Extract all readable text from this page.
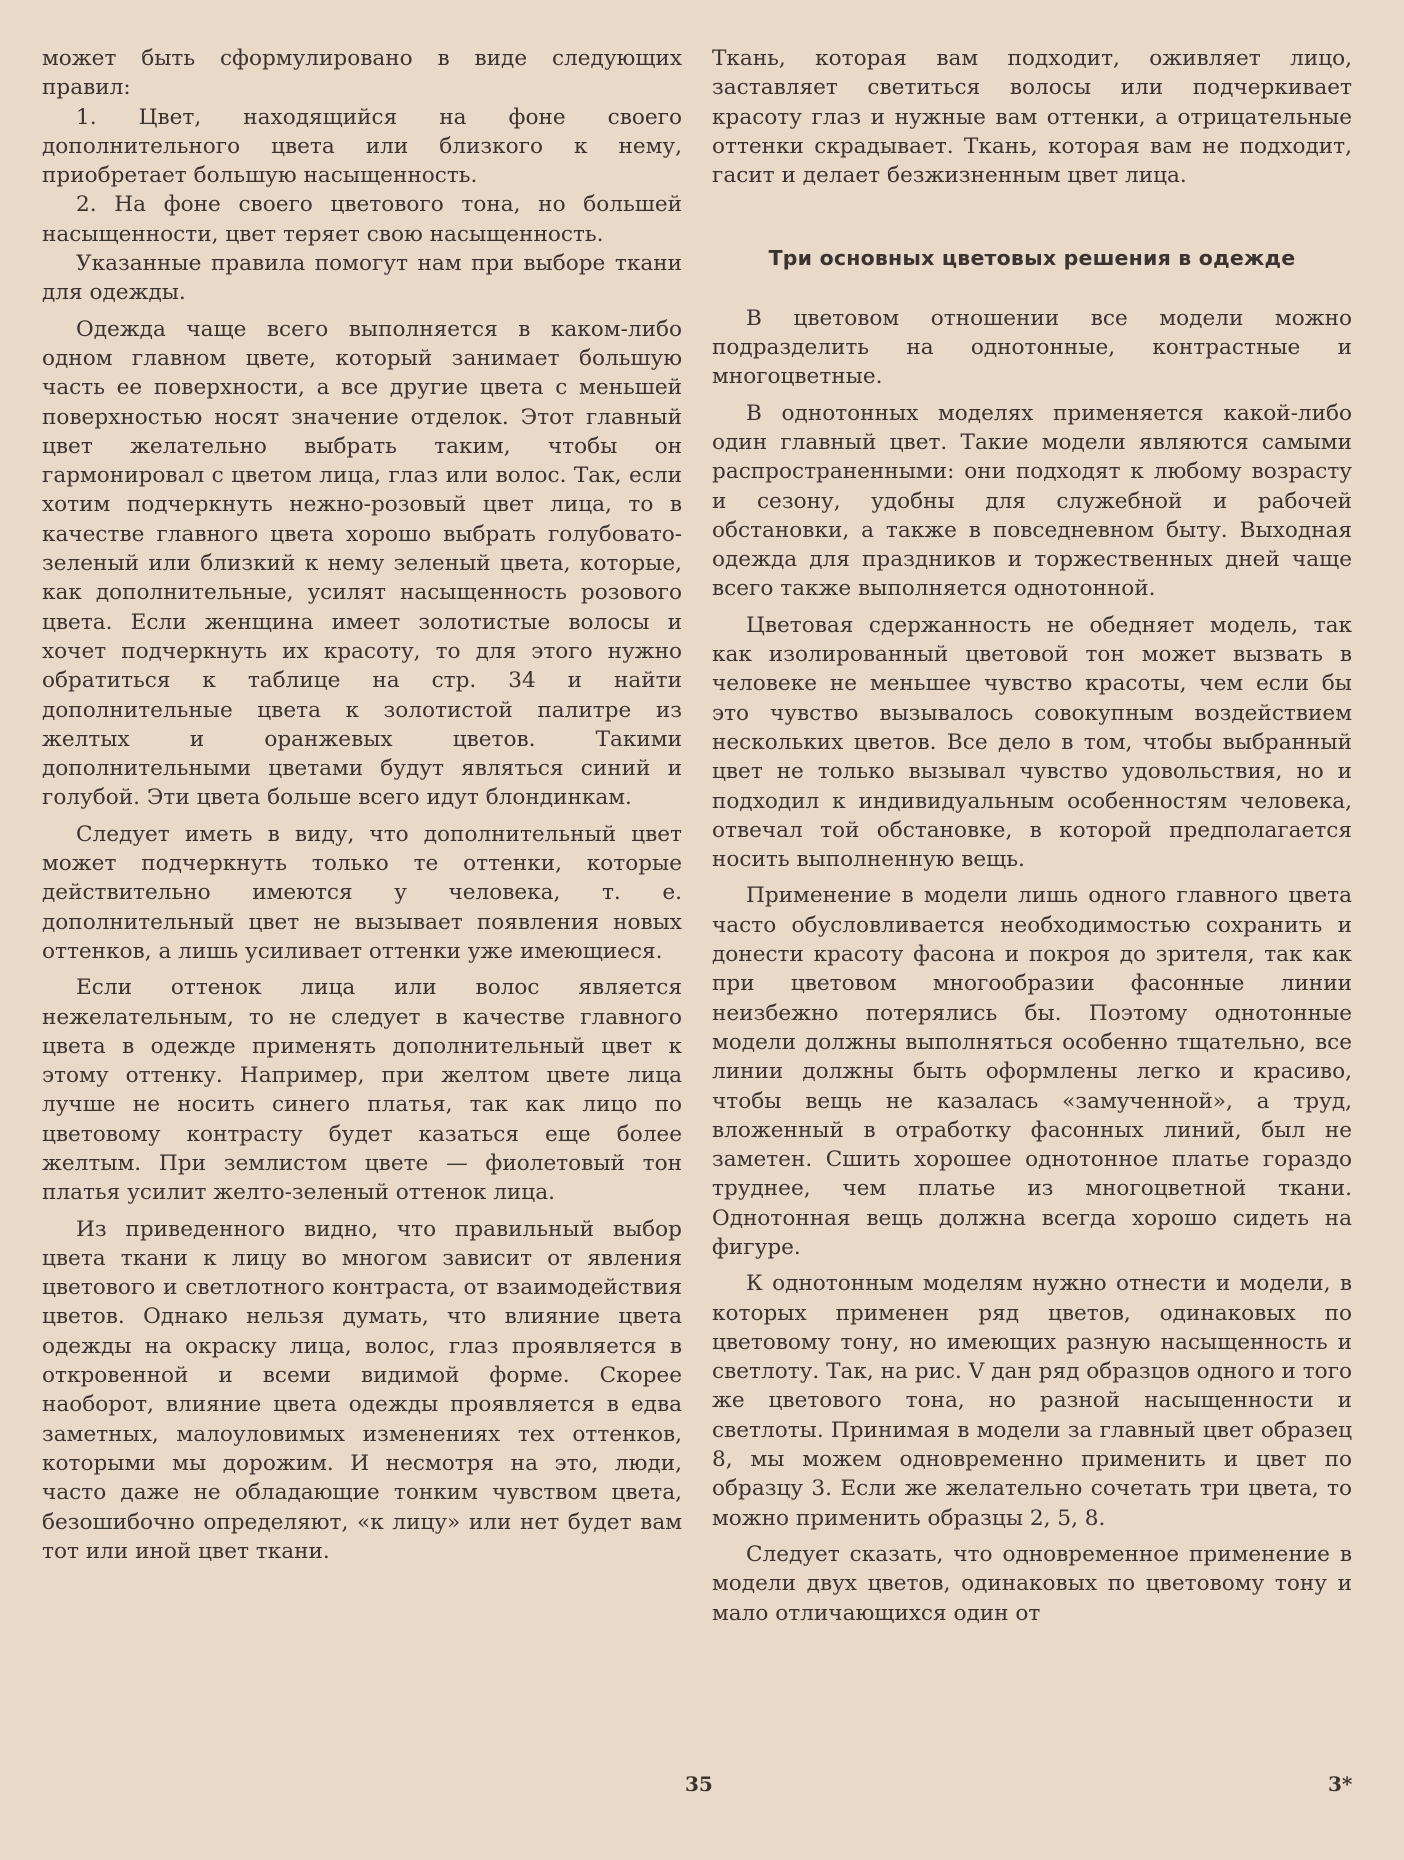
может быть сформулировано в виде следующих правил:

1. Цвет, находящийся на фоне своего дополнительного цвета или близкого к нему, приобретает большую насыщенность.

2. На фоне своего цветового тона, но большей насыщенности, цвет теряет свою насыщенность.

Указанные правила помогут нам при выборе ткани для одежды.

Одежда чаще всего выполняется в каком-либо одном главном цвете, который занимает большую часть ее поверхности, а все другие цвета с меньшей поверхностью носят значение отделок. Этот главный цвет желательно выбрать таким, чтобы он гармонировал с цветом лица, глаз или волос. Так, если хотим подчеркнуть нежно-розовый цвет лица, то в качестве главного цвета хорошо выбрать голубовато-зеленый или близкий к нему зеленый цвета, которые, как дополнительные, усилят насыщенность розового цвета. Если женщина имеет золотистые волосы и хочет подчеркнуть их красоту, то для этого нужно обратиться к таблице на стр. 34 и найти дополнительные цвета к золотистой палитре из желтых и оранжевых цветов. Такими дополнительными цветами будут являться синий и голубой. Эти цвета больше всего идут блондинкам.

Следует иметь в виду, что дополнительный цвет может подчеркнуть только те оттенки, которые действительно имеются у человека, т. е. дополнительный цвет не вызывает появления новых оттенков, а лишь усиливает оттенки уже имеющиеся.

Если оттенок лица или волос является нежелательным, то не следует в качестве главного цвета в одежде применять дополнительный цвет к этому оттенку. Например, при желтом цвете лица лучше не носить синего платья, так как лицо по цветовому контрасту будет казаться еще более желтым. При землистом цвете — фиолетовый тон платья усилит желто-зеленый оттенок лица.

Из приведенного видно, что правильный выбор цвета ткани к лицу во многом зависит от явления цветового и светлотного контраста, от взаимодействия цветов. Однако нельзя думать, что влияние цвета одежды на окраску лица, волос, глаз проявляется в откровенной и всеми видимой форме. Скорее наоборот, влияние цвета одежды проявляется в едва заметных, малоуловимых изменениях тех оттенков, которыми мы дорожим. И несмотря на это, люди, часто даже не обладающие тонким чувством цвета, безошибочно определяют, «к лицу» или нет будет вам тот или иной цвет ткани.

Ткань, которая вам подходит, оживляет лицо, заставляет светиться волосы или подчеркивает красоту глаз и нужные вам оттенки, а отрицательные оттенки скрадывает. Ткань, которая вам не подходит, гасит и делает безжизненным цвет лица.

Три основных цветовых решения в одежде

В цветовом отношении все модели можно подразделить на однотонные, контрастные и многоцветные.

В однотонных моделях применяется какой-либо один главный цвет. Такие модели являются самыми распространенными: они подходят к любому возрасту и сезону, удобны для служебной и рабочей обстановки, а также в повседневном быту. Выходная одежда для праздников и торжественных дней чаще всего также выполняется однотонной.

Цветовая сдержанность не обедняет модель, так как изолированный цветовой тон может вызвать в человеке не меньшее чувство красоты, чем если бы это чувство вызывалось совокупным воздействием нескольких цветов. Все дело в том, чтобы выбранный цвет не только вызывал чувство удовольствия, но и подходил к индивидуальным особенностям человека, отвечал той обстановке, в которой предполагается носить выполненную вещь.

Применение в модели лишь одного главного цвета часто обусловливается необходимостью сохранить и донести красоту фасона и покроя до зрителя, так как при цветовом многообразии фасонные линии неизбежно потерялись бы. Поэтому однотонные модели должны выполняться особенно тщательно, все линии должны быть оформлены легко и красиво, чтобы вещь не казалась «замученной», а труд, вложенный в отработку фасонных линий, был не заметен. Сшить хорошее однотонное платье гораздо труднее, чем платье из многоцветной ткани. Однотонная вещь должна всегда хорошо сидеть на фигуре.

К однотонным моделям нужно отнести и модели, в которых применен ряд цветов, одинаковых по цветовому тону, но имеющих разную насыщенность и светлоту. Так, на рис. V дан ряд образцов одного и того же цветового тона, но разной насыщенности и светлоты. Принимая в модели за главный цвет образец 8, мы можем одновременно применить и цвет по образцу 3. Если же желательно сочетать три цвета, то можно применить образцы 2, 5, 8.

Следует сказать, что одновременное применение в модели двух цветов, одинаковых по цветовому тону и мало отличающихся один от

35	3*
